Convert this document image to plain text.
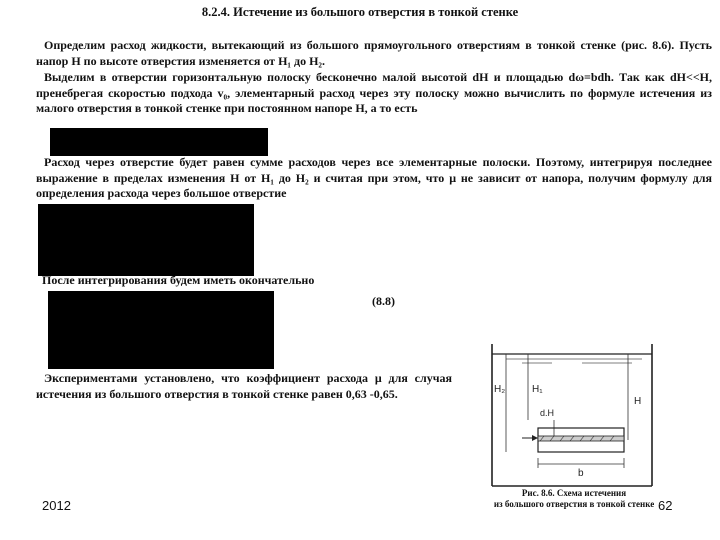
8.2.4. Истечение из большого отверстия в тонкой стенке

Определим расход жидкости, вытекающий из большого прямоугольного отверстиям в тонкой стенке (рис. 8.6). Пусть напор H по высоте отверстия изменяется от H₁ до H₂.

Выделим в отверстии горизонтальную полоску бесконечно малой высотой dH и площадью dω=bdh. Так как dH<<H, пренебрегая скоростью подхода v₀, элементарный расход через эту полоску можно вычислить по формуле истечения из малого отверстия в тонкой стенке при постоянном напоре H, а то есть

Расход через отверстие будет равен сумме расходов через все элементарные полоски. Поэтому, интегрируя последнее выражение в пределах изменения H от H₁ до H₂ и считая при этом, что μ не зависит от напора, получим формулу для определения расхода через большое отверстие

После интегрирования будем иметь окончательно

(8.8)

Экспериментами установлено, что коэффициент расхода μ для случая истечения из большого отверстия в тонкой стенке равен 0,63 -0,65.	H₂	H₁
H
d.H
b
Рис. 8.6. Схема истечения
из большого отверстия в тонкой стенке
2012	62
